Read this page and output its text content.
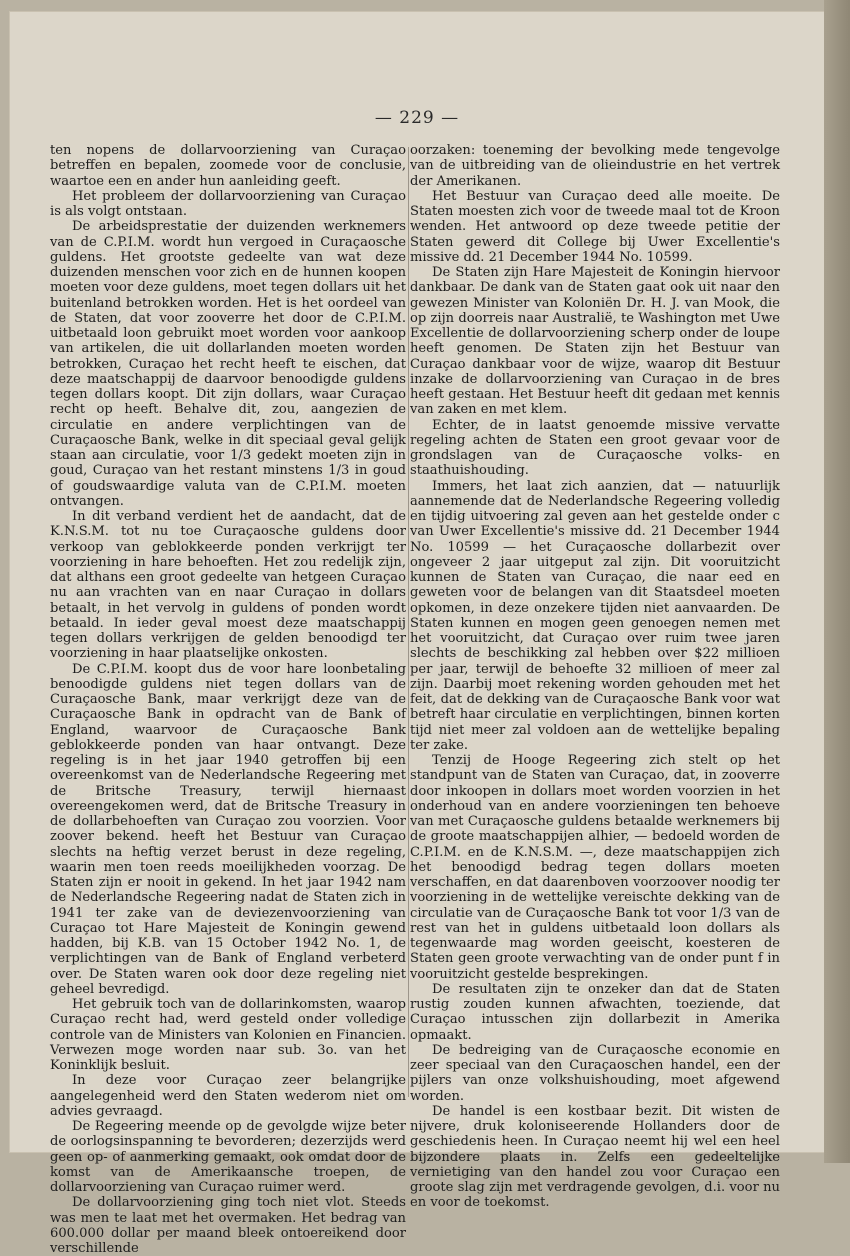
— 229 —

ten nopens de dollarvoorziening van Curaçao betreffen en bepalen, zoomede voor de conclusie, waartoe een en ander hun aanleiding geeft.

Het probleem der dollarvoorziening van Curaçao is als volgt ontstaan.

De arbeidsprestatie der duizenden werknemers van de C.P.I.M. wordt hun vergoed in Curaçaosche guldens. Het grootste gedeelte van wat deze duizenden menschen voor zich en de hunnen koopen moeten voor deze guldens, moet tegen dollars uit het buitenland betrokken worden. Het is het oordeel van de Staten, dat voor zooverre het door de C.P.I.M. uitbetaald loon gebruikt moet worden voor aankoop van artikelen, die uit dollarlanden moeten worden betrokken, Curaçao het recht heeft te eischen, dat deze maatschappij de daarvoor benoodigde guldens tegen dollars koopt. Dit zijn dollars, waar Curaçao recht op heeft. Behalve dit, zou, aangezien de circulatie en andere verplichtingen van de Curaçaosche Bank, welke in dit speciaal geval gelijk staan aan circulatie, voor 1/3 gedekt moeten zijn in goud, Curaçao van het restant minstens 1/3 in goud of goudswaardige valuta van de C.P.I.M. moeten ontvangen.

In dit verband verdient het de aandacht, dat de K.N.S.M. tot nu toe Curaçaosche guldens door verkoop van geblokkeerde ponden verkrijgt ter voorziening in hare behoeften. Het zou redelijk zijn, dat althans een groot gedeelte van hetgeen Curaçao nu aan vrachten van en naar Curaçao in dollars betaalt, in het vervolg in guldens of ponden wordt betaald. In ieder geval moest deze maatschappij tegen dollars verkrijgen de gelden benoodigd ter voorziening in haar plaatselijke onkosten.

De C.P.I.M. koopt dus de voor hare loonbetaling benoodigde guldens niet tegen dollars van de Curaçaosche Bank, maar verkrijgt deze van de Curaçaosche Bank in opdracht van de Bank of England, waarvoor de Curaçaosche Bank geblokkeerde ponden van haar ontvangt. Deze regeling is in het jaar 1940 getroffen bij een overeenkomst van de Nederlandsche Regeering met de Britsche Treasury, terwijl hiernaast overeengekomen werd, dat de Britsche Treasury in de dollarbehoeften van Curaçao zou voorzien. Voor zoover bekend. heeft het Bestuur van Curaçao slechts na heftig verzet berust in deze regeling, waarin men toen reeds moeilijkheden voorzag. De Staten zijn er nooit in gekend. In het jaar 1942 nam de Nederlandsche Regeering nadat de Staten zich in 1941 ter zake van de deviezenvoorziening van Curaçao tot Hare Majesteit de Koningin gewend hadden, bij K.B. van 15 October 1942 No. 1, de verplichtingen van de Bank of England verbeterd over. De Staten waren ook door deze regeling niet geheel bevredigd.

Het gebruik toch van de dollarinkomsten, waarop Curaçao recht had, werd gesteld onder volledige controle van de Ministers van Kolonien en Financien. Verwezen moge worden naar sub. 3o. van het Koninklijk besluit.

In deze voor Curaçao zeer belangrijke aangelegenheid werd den Staten wederom niet om advies gevraagd.

De Regeering meende op de gevolgde wijze beter de oorlogsinspanning te bevorderen; dezerzijds werd geen op- of aanmerking gemaakt, ook omdat door de komst van de Amerikaansche troepen, de dollarvoorziening van Curaçao ruimer werd.

De dollarvoorziening ging toch niet vlot. Steeds was men te laat met het overmaken. Het bedrag van 600.000 dollar per maand bleek ontoereikend door verschillende

oorzaken: toeneming der bevolking mede tengevolge van de uitbreiding van de olieindustrie en het vertrek der Amerikanen.

Het Bestuur van Curaçao deed alle moeite. De Staten moesten zich voor de tweede maal tot de Kroon wenden. Het antwoord op deze tweede petitie der Staten gewerd dit College bij Uwer Excellentie's missive dd. 21 December 1944 No. 10599.

De Staten zijn Hare Majesteit de Koningin hiervoor dankbaar. De dank van de Staten gaat ook uit naar den gewezen Minister van Koloniën Dr. H. J. van Mook, die op zijn doorreis naar Australië, te Washington met Uwe Excellentie de dollarvoorziening scherp onder de loupe heeft genomen. De Staten zijn het Bestuur van Curaçao dankbaar voor de wijze, waarop dit Bestuur inzake de dollarvoorziening van Curaçao in de bres heeft gestaan. Het Bestuur heeft dit gedaan met kennis van zaken en met klem.

Echter, de in laatst genoemde missive vervatte regeling achten de Staten een groot gevaar voor de grondslagen van de Curaçaosche volks- en staathuishouding.

Immers, het laat zich aanzien, dat — natuurlijk aannemende dat de Nederlandsche Regeering volledig en tijdig uitvoering zal geven aan het gestelde onder c van Uwer Excellentie's missive dd. 21 December 1944 No. 10599 — het Curaçaosche dollarbezit over ongeveer 2 jaar uitgeput zal zijn. Dit vooruitzicht kunnen de Staten van Curaçao, die naar eed en geweten voor de belangen van dit Staatsdeel moeten opkomen, in deze onzekere tijden niet aanvaarden. De Staten kunnen en mogen geen genoegen nemen met het vooruitzicht, dat Curaçao over ruim twee jaren slechts de beschikking zal hebben over $22 millioen per jaar, terwijl de behoefte 32 millioen of meer zal zijn. Daarbij moet rekening worden gehouden met het feit, dat de dekking van de Curaçaosche Bank voor wat betreft haar circulatie en verplichtingen, binnen korten tijd niet meer zal voldoen aan de wettelijke bepaling ter zake.

Tenzij de Hooge Regeering zich stelt op het standpunt van de Staten van Curaçao, dat, in zooverre door inkoopen in dollars moet worden voorzien in het onderhoud van en andere voorzieningen ten behoeve van met Curaçaosche guldens betaalde werknemers bij de groote maatschappijen alhier, — bedoeld worden de C.P.I.M. en de K.N.S.M. —, deze maatschappijen zich het benoodigd bedrag tegen dollars moeten verschaffen, en dat daarenboven voorzoover noodig ter voorziening in de wettelijke vereischte dekking van de circulatie van de Curaçaosche Bank tot voor 1/3 van de rest van het in guldens uitbetaald loon dollars als tegenwaarde mag worden geeischt, koesteren de Staten geen groote verwachting van de onder punt f in vooruitzicht gestelde besprekingen.

De resultaten zijn te onzeker dan dat de Staten rustig zouden kunnen afwachten, toeziende, dat Curaçao intusschen zijn dollarbezit in Amerika opmaakt.

De bedreiging van de Curaçaosche economie en zeer speciaal van den Curaçaoschen handel, een der pijlers van onze volkshuishouding, moet afgewend worden.

De handel is een kostbaar bezit. Dit wisten de nijvere, druk koloniseerende Hollanders door de geschiedenis heen. In Curaçao neemt hij wel een heel bijzondere plaats in. Zelfs een gedeeltelijke vernietiging van den handel zou voor Curaçao een groote slag zijn met verdragende gevolgen, d.i. voor nu en voor de toekomst.
